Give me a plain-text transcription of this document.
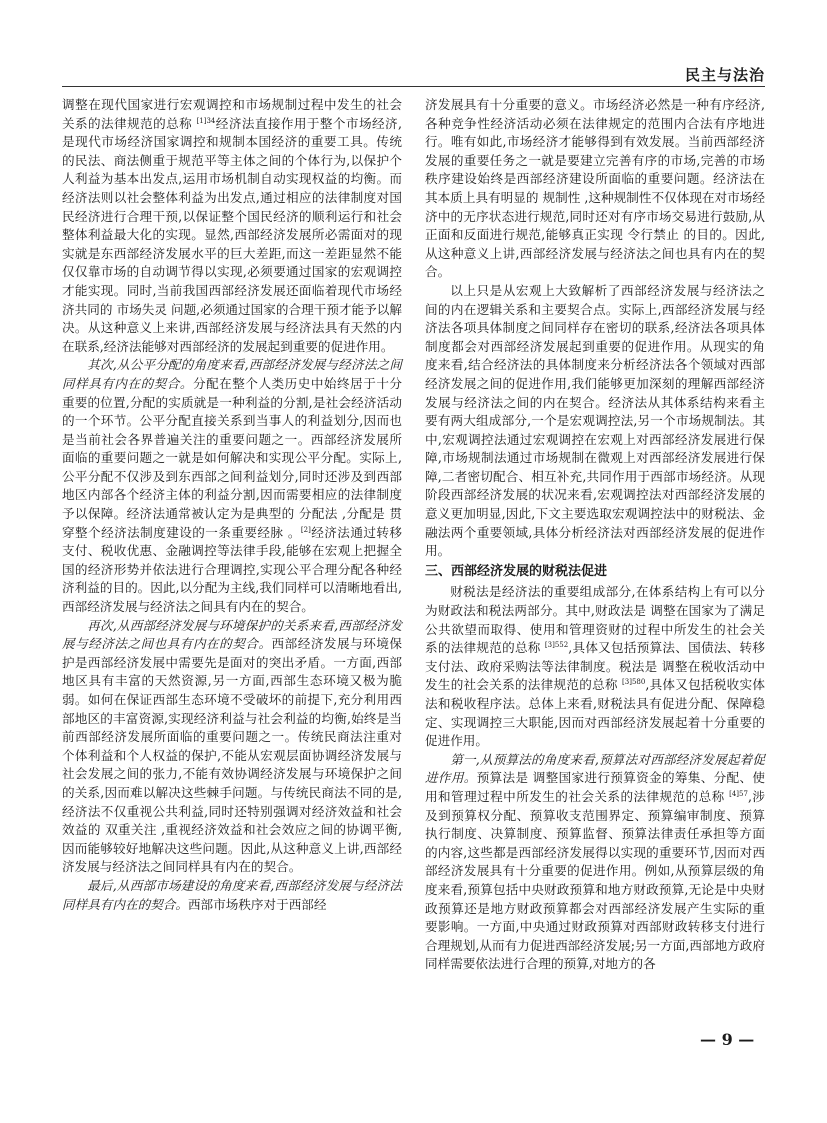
民主与法治

调整在现代国家进行宏观调控和市场规制过程中发生的社会关系的法律规范的总称 $^{[1]34}$经济法直接作用于整个市场经济,是现代市场经济国家调控和规制本国经济的重要工具。传统的民法、商法侧重于规范平等主体之间的个体行为,以保护个人利益为基本出发点,运用市场机制自动实现权益的均衡。而经济法则以社会整体利益为出发点,通过相应的法律制度对国民经济进行合理干预,以保证整个国民经济的顺利运行和社会整体利益最大化的实现。显然,西部经济发展所必需面对的现实就是东西部经济发展水平的巨大差距,而这一差距显然不能仅仅靠市场的自动调节得以实现,必须要通过国家的宏观调控才能实现。同时,当前我国西部经济发展还面临着现代市场经济共同的 市场失灵 问题,必须通过国家的合理干预才能予以解决。从这种意义上来讲,西部经济发展与经济法具有天然的内在联系,经济法能够对西部经济的发展起到重要的促进作用。

其次,从公平分配的角度来看,西部经济发展与经济法之间同样具有内在的契合。分配在整个人类历史中始终居于十分重要的位置,分配的实质就是一种利益的分割,是社会经济活动的一个环节。公平分配直接关系到当事人的利益划分,因而也是当前社会各界普遍关注的重要问题之一。西部经济发展所面临的重要问题之一就是如何解决和实现公平分配。实际上,公平分配不仅涉及到东西部之间利益划分,同时还涉及到西部地区内部各个经济主体的利益分割,因而需要相应的法律制度予以保障。经济法通常被认定为是典型的 分配法 ,分配是 贯穿整个经济法制度建设的一条重要经脉 。[2]经济法通过转移支付、税收优惠、金融调控等法律手段,能够在宏观上把握全国的经济形势并依法进行合理调控,实现公平合理分配各种经济利益的目的。因此,以分配为主线,我们同样可以清晰地看出,西部经济发展与经济法之间具有内在的契合。

再次,从西部经济发展与环境保护的关系来看,西部经济发展与经济法之间也具有内在的契合。西部经济发展与环境保护是西部经济发展中需要先是面对的突出矛盾。一方面,西部地区具有丰富的天然资源,另一方面,西部生态环境又极为脆弱。如何在保证西部生态环境不受破坏的前提下,充分利用西部地区的丰富资源,实现经济利益与社会利益的均衡,始终是当前西部经济发展所面临的重要问题之一。传统民商法注重对个体利益和个人权益的保护,不能从宏观层面协调经济发展与社会发展之间的张力,不能有效协调经济发展与环境保护之间的关系,因而难以解决这些棘手问题。与传统民商法不同的是,经济法不仅重视公共利益,同时还特别强调对经济效益和社会效益的 双重关注 ,重视经济效益和社会效应之间的协调平衡,因而能够较好地解决这些问题。因此,从这种意义上讲,西部经济发展与经济法之间同样具有内在的契合。

最后,从西部市场建设的角度来看,西部经济发展与经济法同样具有内在的契合。西部市场秩序对于西部经

济发展具有十分重要的意义。市场经济必然是一种有序经济,各种竞争性经济活动必须在法律规定的范围内合法有序地进行。唯有如此,市场经济才能够得到有效发展。当前西部经济发展的重要任务之一就是要建立完善有序的市场,完善的市场秩序建设始终是西部经济建设所面临的重要问题。经济法在其本质上具有明显的 规制性 ,这种规制性不仅体现在对市场经济中的无序状态进行规范,同时还对有序市场交易进行鼓励,从正面和反面进行规范,能够真正实现 令行禁止 的目的。因此,从这种意义上讲,西部经济发展与经济法之间也具有内在的契合。

以上只是从宏观上大致解析了西部经济发展与经济法之间的内在逻辑关系和主要契合点。实际上,西部经济发展与经济法各项具体制度之间同样存在密切的联系,经济法各项具体制度都会对西部经济发展起到重要的促进作用。从现实的角度来看,结合经济法的具体制度来分析经济法各个领域对西部经济发展之间的促进作用,我们能够更加深刻的理解西部经济发展与经济法之间的内在契合。经济法从其体系结构来看主要有两大组成部分,一个是宏观调控法,另一个市场规制法。其中,宏观调控法通过宏观调控在宏观上对西部经济发展进行保障,市场规制法通过市场规制在微观上对西部经济发展进行保障,二者密切配合、相互补充,共同作用于西部市场经济。从现阶段西部经济发展的状况来看,宏观调控法对西部经济发展的意义更加明显,因此,下文主要选取宏观调控法中的财税法、金融法两个重要领域,具体分析经济法对西部经济发展的促进作用。

三、西部经济发展的财税法促进

财税法是经济法的重要组成部分,在体系结构上有可以分为财政法和税法两部分。其中,财政法是 调整在国家为了满足公共欲望而取得、使用和管理资财的过程中所发生的社会关系的法律规范的总称 $^{[3]552}$,具体又包括预算法、国债法、转移支付法、政府采购法等法律制度。税法是 调整在税收活动中发生的社会关系的法律规范的总称 $^{[3]580}$,具体又包括税收实体法和税收程序法。总体上来看,财税法具有促进分配、保障稳定、实现调控三大职能,因而对西部经济发展起着十分重要的促进作用。

第一,从预算法的角度来看,预算法对西部经济发展起着促进作用。预算法是 调整国家进行预算资金的筹集、分配、使用和管理过程中所发生的社会关系的法律规范的总称 $^{[4]57}$,涉及到预算权分配、预算收支范围界定、预算编审制度、预算执行制度、决算制度、预算监督、预算法律责任承担等方面的内容,这些都是西部经济发展得以实现的重要环节,因而对西部经济发展具有十分重要的促进作用。例如,从预算层级的角度来看,预算包括中央财政预算和地方财政预算,无论是中央财政预算还是地方财政预算都会对西部经济发展产生实际的重要影响。一方面,中央通过财政预算对西部财政转移支付进行合理规划,从而有力促进西部经济发展;另一方面,西部地方政府同样需要依法进行合理的预算,对地方的各

— 9 —
